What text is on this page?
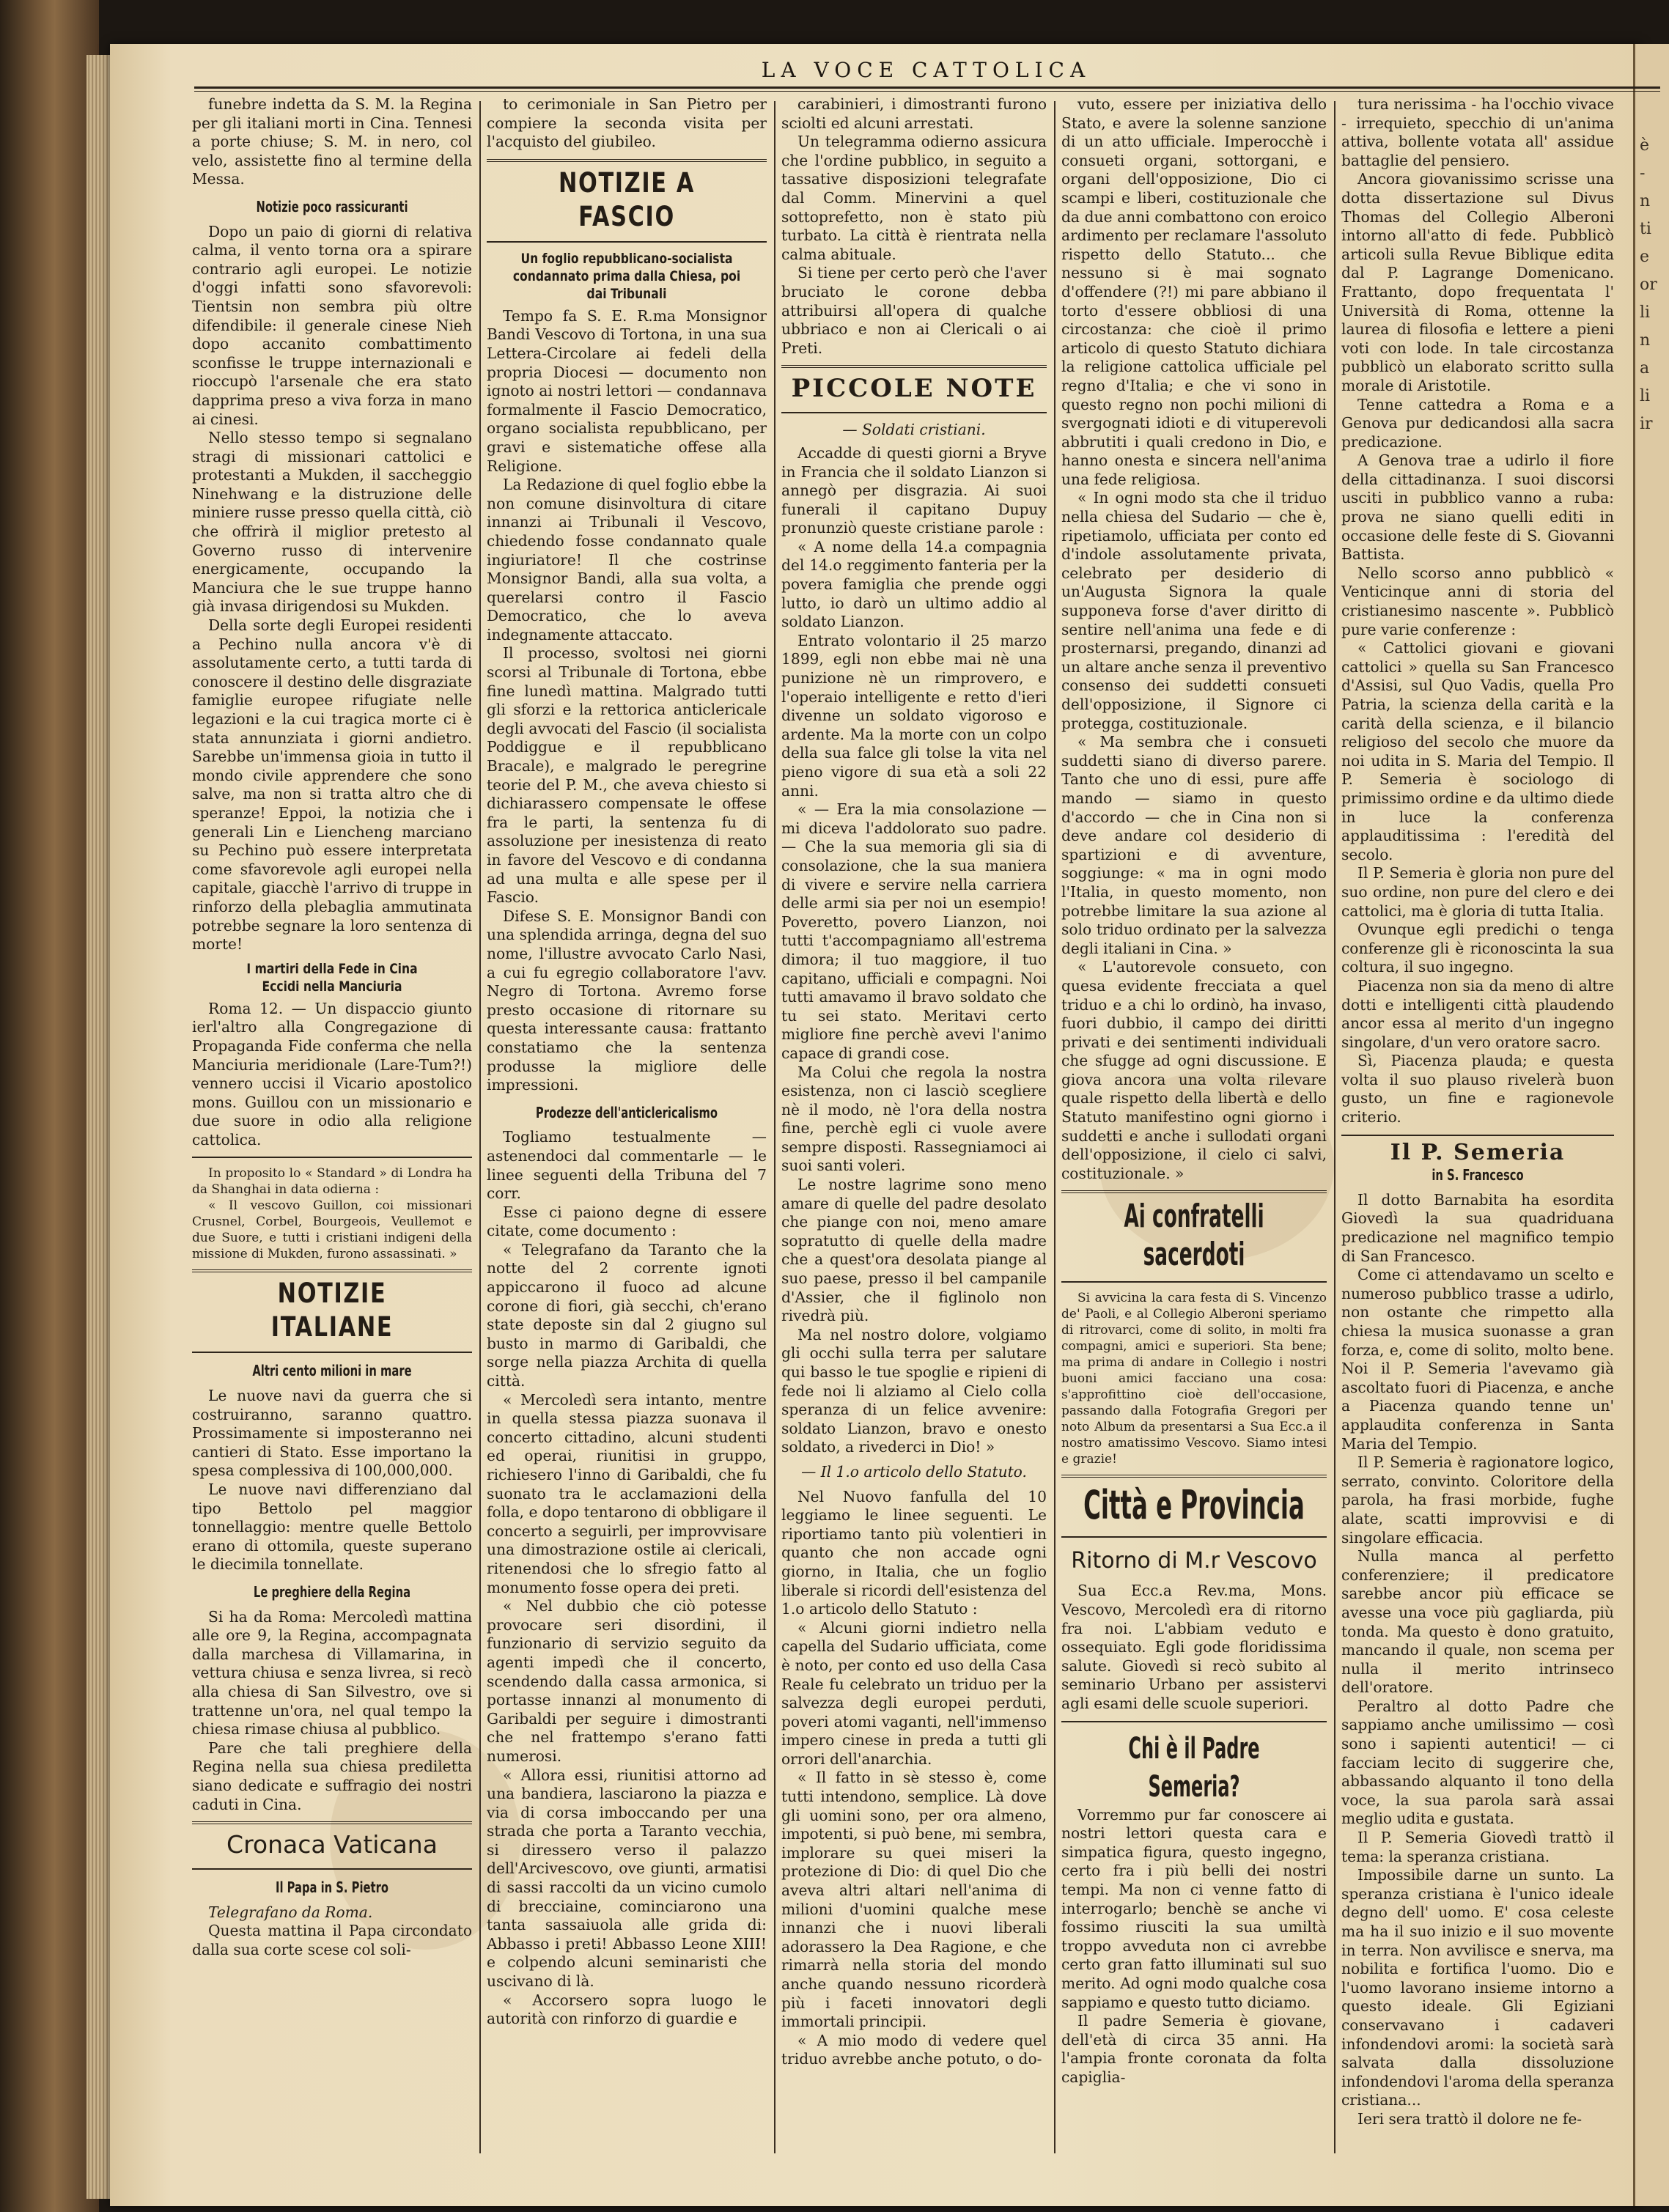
è
-
n
ti
e
or
li
n
a
li
ir
LA VOCE CATTOLICA

funebre indetta da S. M. la Regina per gli italiani morti in Cina. Tennesi a porte chiuse; S. M. in nero, col velo, assistette fino al termine della Messa.

Notizie poco rassicuranti

Dopo un paio di giorni di relativa calma, il vento torna ora a spirare contrario agli europei. Le notizie d'oggi infatti sono sfavorevoli: Tientsin non sembra più oltre difendibile: il generale cinese Nieh dopo accanito combattimento sconfisse le truppe internazionali e rioccupò l'arsenale che era stato dapprima preso a viva forza in mano ai cinesi.

Nello stesso tempo si segnalano stragi di missionari cattolici e protestanti a Mukden, il saccheggio Ninehwang e la distruzione delle miniere russe presso quella città, ciò che offrirà il miglior pretesto al Governo russo di intervenire energicamente, occupando la Manciura che le sue truppe hanno già invasa dirigendosi su Mukden.

Della sorte degli Europei residenti a Pechino nulla ancora v'è di assolutamente certo, a tutti tarda di conoscere il destino delle disgraziate famiglie europee rifugiate nelle legazioni e la cui tragica morte ci è stata annunziata i giorni andietro. Sarebbe un'immensa gioia in tutto il mondo civile apprendere che sono salve, ma non si tratta altro che di speranze! Eppoi, la notizia che i generali Lin e Liencheng marciano su Pechino può essere interpretata come sfavorevole agli europei nella capitale, giacchè l'arrivo di truppe in rinforzo della plebaglia ammutinata potrebbe segnare la loro sentenza di morte!

I martiri della Fede in Cina
Eccidi nella Manciuria

Roma 12. — Un dispaccio giunto ierl'altro alla Congregazione di Propaganda Fide conferma che nella Manciuria meridionale (Lare-Tum?!) vennero uccisi il Vicario apostolico mons. Guillou con un missionario e due suore in odio alla religione cattolica.

In proposito lo « Standard » di Londra ha da Shanghai in data odierna :

« Il vescovo Guillon, coi missionari Crusnel, Corbel, Bourgeois, Veullemot e due Suore, e tutti i cristiani indigeni della missione di Mukden, furono assassinati. »

NOTIZIE ITALIANE
Altri cento milioni in mare

Le nuove navi da guerra che si costruiranno, saranno quattro. Prossimamente si imposteranno nei cantieri di Stato. Esse importano la spesa complessiva di 100,000,000.

Le nuove navi differenziano dal tipo Bettolo pel maggior tonnellaggio: mentre quelle Bettolo erano di ottomila, queste superano le diecimila tonnellate.

Le preghiere della Regina

Si ha da Roma: Mercoledì mattina alle ore 9, la Regina, accompagnata dalla marchesa di Villamarina, in vettura chiusa e senza livrea, si recò alla chiesa di San Silvestro, ove si trattenne un'ora, nel qual tempo la chiesa rimase chiusa al pubblico.

Pare che tali preghiere della Regina nella sua chiesa prediletta siano dedicate e suffragio dei nostri caduti in Cina.

Cronaca Vaticana
Il Papa in S. Pietro

Telegrafano da Roma.

Questa mattina il Papa circondato dalla sua corte scese col soli-

to cerimoniale in San Pietro per compiere la seconda visita per l'acquisto del giubileo.

NOTIZIE A FASCIO
Un foglio repubblicano-socialista condannato prima dalla Chiesa, poi dai Tribunali

Tempo fa S. E. R.ma Monsignor Bandi Vescovo di Tortona, in una sua Lettera-Circolare ai fedeli della propria Diocesi — documento non ignoto ai nostri lettori — condannava formalmente il Fascio Democratico, organo socialista repubblicano, per gravi e sistematiche offese alla Religione.

La Redazione di quel foglio ebbe la non comune disinvoltura di citare innanzi ai Tribunali il Vescovo, chiedendo fosse condannato quale ingiuriatore! Il che costrinse Monsignor Bandi, alla sua volta, a querelarsi contro il Fascio Democratico, che lo aveva indegnamente attaccato.

Il processo, svoltosi nei giorni scorsi al Tribunale di Tortona, ebbe fine lunedì mattina. Malgrado tutti gli sforzi e la rettorica anticlericale degli avvocati del Fascio (il socialista Poddiggue e il repubblicano Bracale), e malgrado le peregrine teorie del P. M., che aveva chiesto si dichiarassero compensate le offese fra le parti, la sentenza fu di assoluzione per inesistenza di reato in favore del Vescovo e di condanna ad una multa e alle spese per il Fascio.

Difese S. E. Monsignor Bandi con una splendida arringa, degna del suo nome, l'illustre avvocato Carlo Nasi, a cui fu egregio collaboratore l'avv. Negro di Tortona. Avremo forse presto occasione di ritornare su questa interessante causa: frattanto constatiamo che la sentenza produsse la migliore delle impressioni.

Prodezze dell'anticlericalismo

Togliamo testualmente — astenendoci dal commentarle — le linee seguenti della Tribuna del 7 corr.

Esse ci paiono degne di essere citate, come documento :

« Telegrafano da Taranto che la notte del 2 corrente ignoti appiccarono il fuoco ad alcune corone di fiori, già secchi, ch'erano state deposte sin dal 2 giugno sul busto in marmo di Garibaldi, che sorge nella piazza Archita di quella città.

« Mercoledì sera intanto, mentre in quella stessa piazza suonava il concerto cittadino, alcuni studenti ed operai, riunitisi in gruppo, richiesero l'inno di Garibaldi, che fu suonato tra le acclamazioni della folla, e dopo tentarono di obbligare il concerto a seguirli, per improvvisare una dimostrazione ostile ai clericali, ritenendosi che lo sfregio fatto al monumento fosse opera dei preti.

« Nel dubbio che ciò potesse provocare seri disordini, il funzionario di servizio seguito da agenti impedì che il concerto, scendendo dalla cassa armonica, si portasse innanzi al monumento di Garibaldi per seguire i dimostranti che nel frattempo s'erano fatti numerosi.

« Allora essi, riunitisi attorno ad una bandiera, lasciarono la piazza e via di corsa imboccando per una strada che porta a Taranto vecchia, si diressero verso il palazzo dell'Arcivescovo, ove giunti, armatisi di sassi raccolti da un vicino cumolo di brecciaine, cominciarono una tanta sassaiuola alle grida di: Abbasso i preti! Abbasso Leone XIII! e colpendo alcuni seminaristi che uscivano di là.

« Accorsero sopra luogo le autorità con rinforzo di guardie e

carabinieri, i dimostranti furono sciolti ed alcuni arrestati.

Un telegramma odierno assicura che l'ordine pubblico, in seguito a tassative disposizioni telegrafate dal Comm. Minervini a quel sottoprefetto, non è stato più turbato. La città è rientrata nella calma abituale.

Si tiene per certo però che l'aver bruciato le corone debba attribuirsi all'opera di qualche ubbriaco e non ai Clericali o ai Preti.

PICCOLE NOTE
— Soldati cristiani.

Accadde di questi giorni a Bryve in Francia che il soldato Lianzon si annegò per disgrazia. Ai suoi funerali il capitano Dupuy pronunziò queste cristiane parole :

« A nome della 14.a compagnia del 14.o reggimento fanteria per la povera famiglia che prende oggi lutto, io darò un ultimo addio al soldato Lianzon.

Entrato volontario il 25 marzo 1899, egli non ebbe mai nè una punizione nè un rimprovero, e l'operaio intelligente e retto d'ieri divenne un soldato vigoroso e ardente. Ma la morte con un colpo della sua falce gli tolse la vita nel pieno vigore di sua età a soli 22 anni.

« — Era la mia consolazione — mi diceva l'addolorato suo padre. — Che la sua memoria gli sia di consolazione, che la sua maniera di vivere e servire nella carriera delle armi sia per noi un esempio! Poveretto, povero Lianzon, noi tutti t'accompagniamo all'estrema dimora; il tuo maggiore, il tuo capitano, ufficiali e compagni. Noi tutti amavamo il bravo soldato che tu sei stato. Meritavi certo migliore fine perchè avevi l'animo capace di grandi cose.

Ma Colui che regola la nostra esistenza, non ci lasciò scegliere nè il modo, nè l'ora della nostra fine, perchè egli ci vuole avere sempre disposti. Rassegniamoci ai suoi santi voleri.

Le nostre lagrime sono meno amare di quelle del padre desolato che piange con noi, meno amare sopratutto di quelle della madre che a quest'ora desolata piange al suo paese, presso il bel campanile d'Assier, che il figlinolo non rivedrà più.

Ma nel nostro dolore, volgiamo gli occhi sulla terra per salutare qui basso le tue spoglie e ripieni di fede noi li alziamo al Cielo colla speranza di un felice avvenire: soldato Lianzon, bravo e onesto soldato, a rivederci in Dio! »

— Il 1.o articolo dello Statuto.

Nel Nuovo fanfulla del 10 leggiamo le linee seguenti. Le riportiamo tanto più volentieri in quanto che non accade ogni giorno, in Italia, che un foglio liberale si ricordi dell'esistenza del 1.o articolo dello Statuto :

« Alcuni giorni indietro nella capella del Sudario ufficiata, come è noto, per conto ed uso della Casa Reale fu celebrato un triduo per la salvezza degli europei perduti, poveri atomi vaganti, nell'immenso impero cinese in preda a tutti gli orrori dell'anarchia.

« Il fatto in sè stesso è, come tutti intendono, semplice. Là dove gli uomini sono, per ora almeno, impotenti, si può bene, mi sembra, implorare su quei miseri la protezione di Dio: di quel Dio che aveva altri altari nell'anima di milioni d'uomini qualche mese innanzi che i nuovi liberali adorassero la Dea Ragione, e che rimarrà nella storia del mondo anche quando nessuno ricorderà più i faceti innovatori degli immortali principii.

« A mio modo di vedere quel triduo avrebbe anche potuto, o do-

vuto, essere per iniziativa dello Stato, e avere la solenne sanzione di un atto ufficiale. Imperocchè i consueti organi, sottorgani, e organi dell'opposizione, Dio ci scampi e liberi, costituzionale che da due anni combattono con eroico ardimento per reclamare l'assoluto rispetto dello Statuto... che nessuno si è mai sognato d'offendere (?!) mi pare abbiano il torto d'essere obbliosi di una circostanza: che cioè il primo articolo di questo Statuto dichiara la religione cattolica ufficiale pel regno d'Italia; e che vi sono in questo regno non pochi milioni di svergognati idioti e di vituperevoli abbrutiti i quali credono in Dio, e hanno onesta e sincera nell'anima una fede religiosa.

« In ogni modo sta che il triduo nella chiesa del Sudario — che è, ripetiamolo, ufficiata per conto ed d'indole assolutamente privata, celebrato per desiderio di un'Augusta Signora la quale supponeva forse d'aver diritto di sentire nell'anima una fede e di prosternarsi, pregando, dinanzi ad un altare anche senza il preventivo consenso dei suddetti consueti dell'opposizione, il Signore ci protegga, costituzionale.

« Ma sembra che i consueti suddetti siano di diverso parere. Tanto che uno di essi, pure affe mando — siamo in questo d'accordo — che in Cina non si deve andare col desiderio di spartizioni e di avventure, soggiunge: « ma in ogni modo l'Italia, in questo momento, non potrebbe limitare la sua azione al solo triduo ordinato per la salvezza degli italiani in Cina. »

« L'autorevole consueto, con quesa evidente frecciata a quel triduo e a chi lo ordinò, ha invaso, fuori dubbio, il campo dei diritti privati e dei sentimenti individuali che sfugge ad ogni discussione. E giova ancora una volta rilevare quale rispetto della libertà e dello Statuto manifestino ogni giorno i suddetti e anche i sullodati organi dell'opposizione, il cielo ci salvi, costituzionale. »

Ai confratelli sacerdoti

Si avvicina la cara festa di S. Vincenzo de' Paoli, e al Collegio Alberoni speriamo di ritrovarci, come di solito, in molti fra compagni, amici e superiori. Sta bene; ma prima di andare in Collegio i nostri buoni amici facciano una cosa: s'approfittino cioè dell'occasione, passando dalla Fotografia Gregori per noto Album da presentarsi a Sua Ecc.a il nostro amatissimo Vescovo. Siamo intesi e grazie!

Città e Provincia
Ritorno di M.r Vescovo

Sua Ecc.a Rev.ma, Mons. Vescovo, Mercoledì era di ritorno fra noi. L'abbiam veduto e ossequiato. Egli gode floridissima salute. Giovedì si recò subito al seminario Urbano per assistervi agli esami delle scuole superiori.

Chi è il Padre Semeria?

Vorremmo pur far conoscere ai nostri lettori questa cara e simpatica figura, questo ingegno, certo fra i più belli dei nostri tempi. Ma non ci venne fatto di interrogarlo; benchè se anche vi fossimo riusciti la sua umiltà troppo avveduta non ci avrebbe certo gran fatto illuminati sul suo merito. Ad ogni modo qualche cosa sappiamo e questo tutto diciamo.

Il padre Semeria è giovane, dell'età di circa 35 anni. Ha l'ampia fronte coronata da folta capiglia-

tura nerissima - ha l'occhio vivace - irrequieto, specchio di un'anima attiva, bollente votata all' assidue battaglie del pensiero.

Ancora giovanissimo scrisse una dotta dissertazione sul Divus Thomas del Collegio Alberoni intorno all'atto di fede. Pubblicò articoli sulla Revue Biblique edita dal P. Lagrange Domenicano. Frattanto, dopo frequentata l' Università di Roma, ottenne la laurea di filosofia e lettere a pieni voti con lode. In tale circostanza pubblicò un elaborato scritto sulla morale di Aristotile.

Tenne cattedra a Roma e a Genova pur dedicandosi alla sacra predicazione.

A Genova trae a udirlo il fiore della cittadinanza. I suoi discorsi usciti in pubblico vanno a ruba: prova ne siano quelli editi in occasione delle feste di S. Giovanni Battista.

Nello scorso anno pubblicò « Venticinque anni di storia del cristianesimo nascente ». Pubblicò pure varie conferenze :

« Cattolici giovani e giovani cattolici » quella su San Francesco d'Assisi, sul Quo Vadis, quella Pro Patria, la scienza della carità e la carità della scienza, e il bilancio religioso del secolo che muore da noi udita in S. Maria del Tempio. Il P. Semeria è sociologo di primissimo ordine e da ultimo diede in luce la conferenza applauditissima : l'eredità del secolo.

Il P. Semeria è gloria non pure del suo ordine, non pure del clero e dei cattolici, ma è gloria di tutta Italia.

Ovunque egli predichi o tenga conferenze gli è riconoscinta la sua coltura, il suo ingegno.

Piacenza non sia da meno di altre dotti e intelligenti città plaudendo ancor essa al merito d'un ingegno singolare, d'un vero oratore sacro.

Sì, Piacenza plauda; e questa volta il suo plauso rivelerà buon gusto, un fine e ragionevole criterio.

Il P. Semeria
in S. Francesco

Il dotto Barnabita ha esordita Giovedì la sua quadriduana predicazione nel magnifico tempio di San Francesco.

Come ci attendavamo un scelto e numeroso pubblico trasse a udirlo, non ostante che rimpetto alla chiesa la musica suonasse a gran forza, e, come di solito, molto bene. Noi il P. Semeria l'avevamo già ascoltato fuori di Piacenza, e anche a Piacenza quando tenne un' applaudita conferenza in Santa Maria del Tempio.

Il P. Semeria è ragionatore logico, serrato, convinto. Coloritore della parola, ha frasi morbide, fughe alate, scatti improvvisi e di singolare efficacia.

Nulla manca al perfetto conferenziere; il predicatore sarebbe ancor più efficace se avesse una voce più gagliarda, più tonda. Ma questo è dono gratuito, mancando il quale, non scema per nulla il merito intrinseco dell'oratore.

Peraltro al dotto Padre che sappiamo anche umilissimo — così sono i sapienti autentici! — ci facciam lecito di suggerire che, abbassando alquanto il tono della voce, la sua parola sarà assai meglio udita e gustata.

Il P. Semeria Giovedì trattò il tema: la speranza cristiana.

Impossibile darne un sunto. La speranza cristiana è l'unico ideale degno dell' uomo. E' cosa celeste ma ha il suo inizio e il suo movente in terra. Non avvilisce e snerva, ma nobilita e fortifica l'uomo. Dio e l'uomo lavorano insieme intorno a questo ideale. Gli Egiziani conservavano i cadaveri infondendovi aromi: la società sarà salvata dalla dissoluzione infondendovi l'aroma della speranza cristiana...

Ieri sera trattò il dolore ne fe-
